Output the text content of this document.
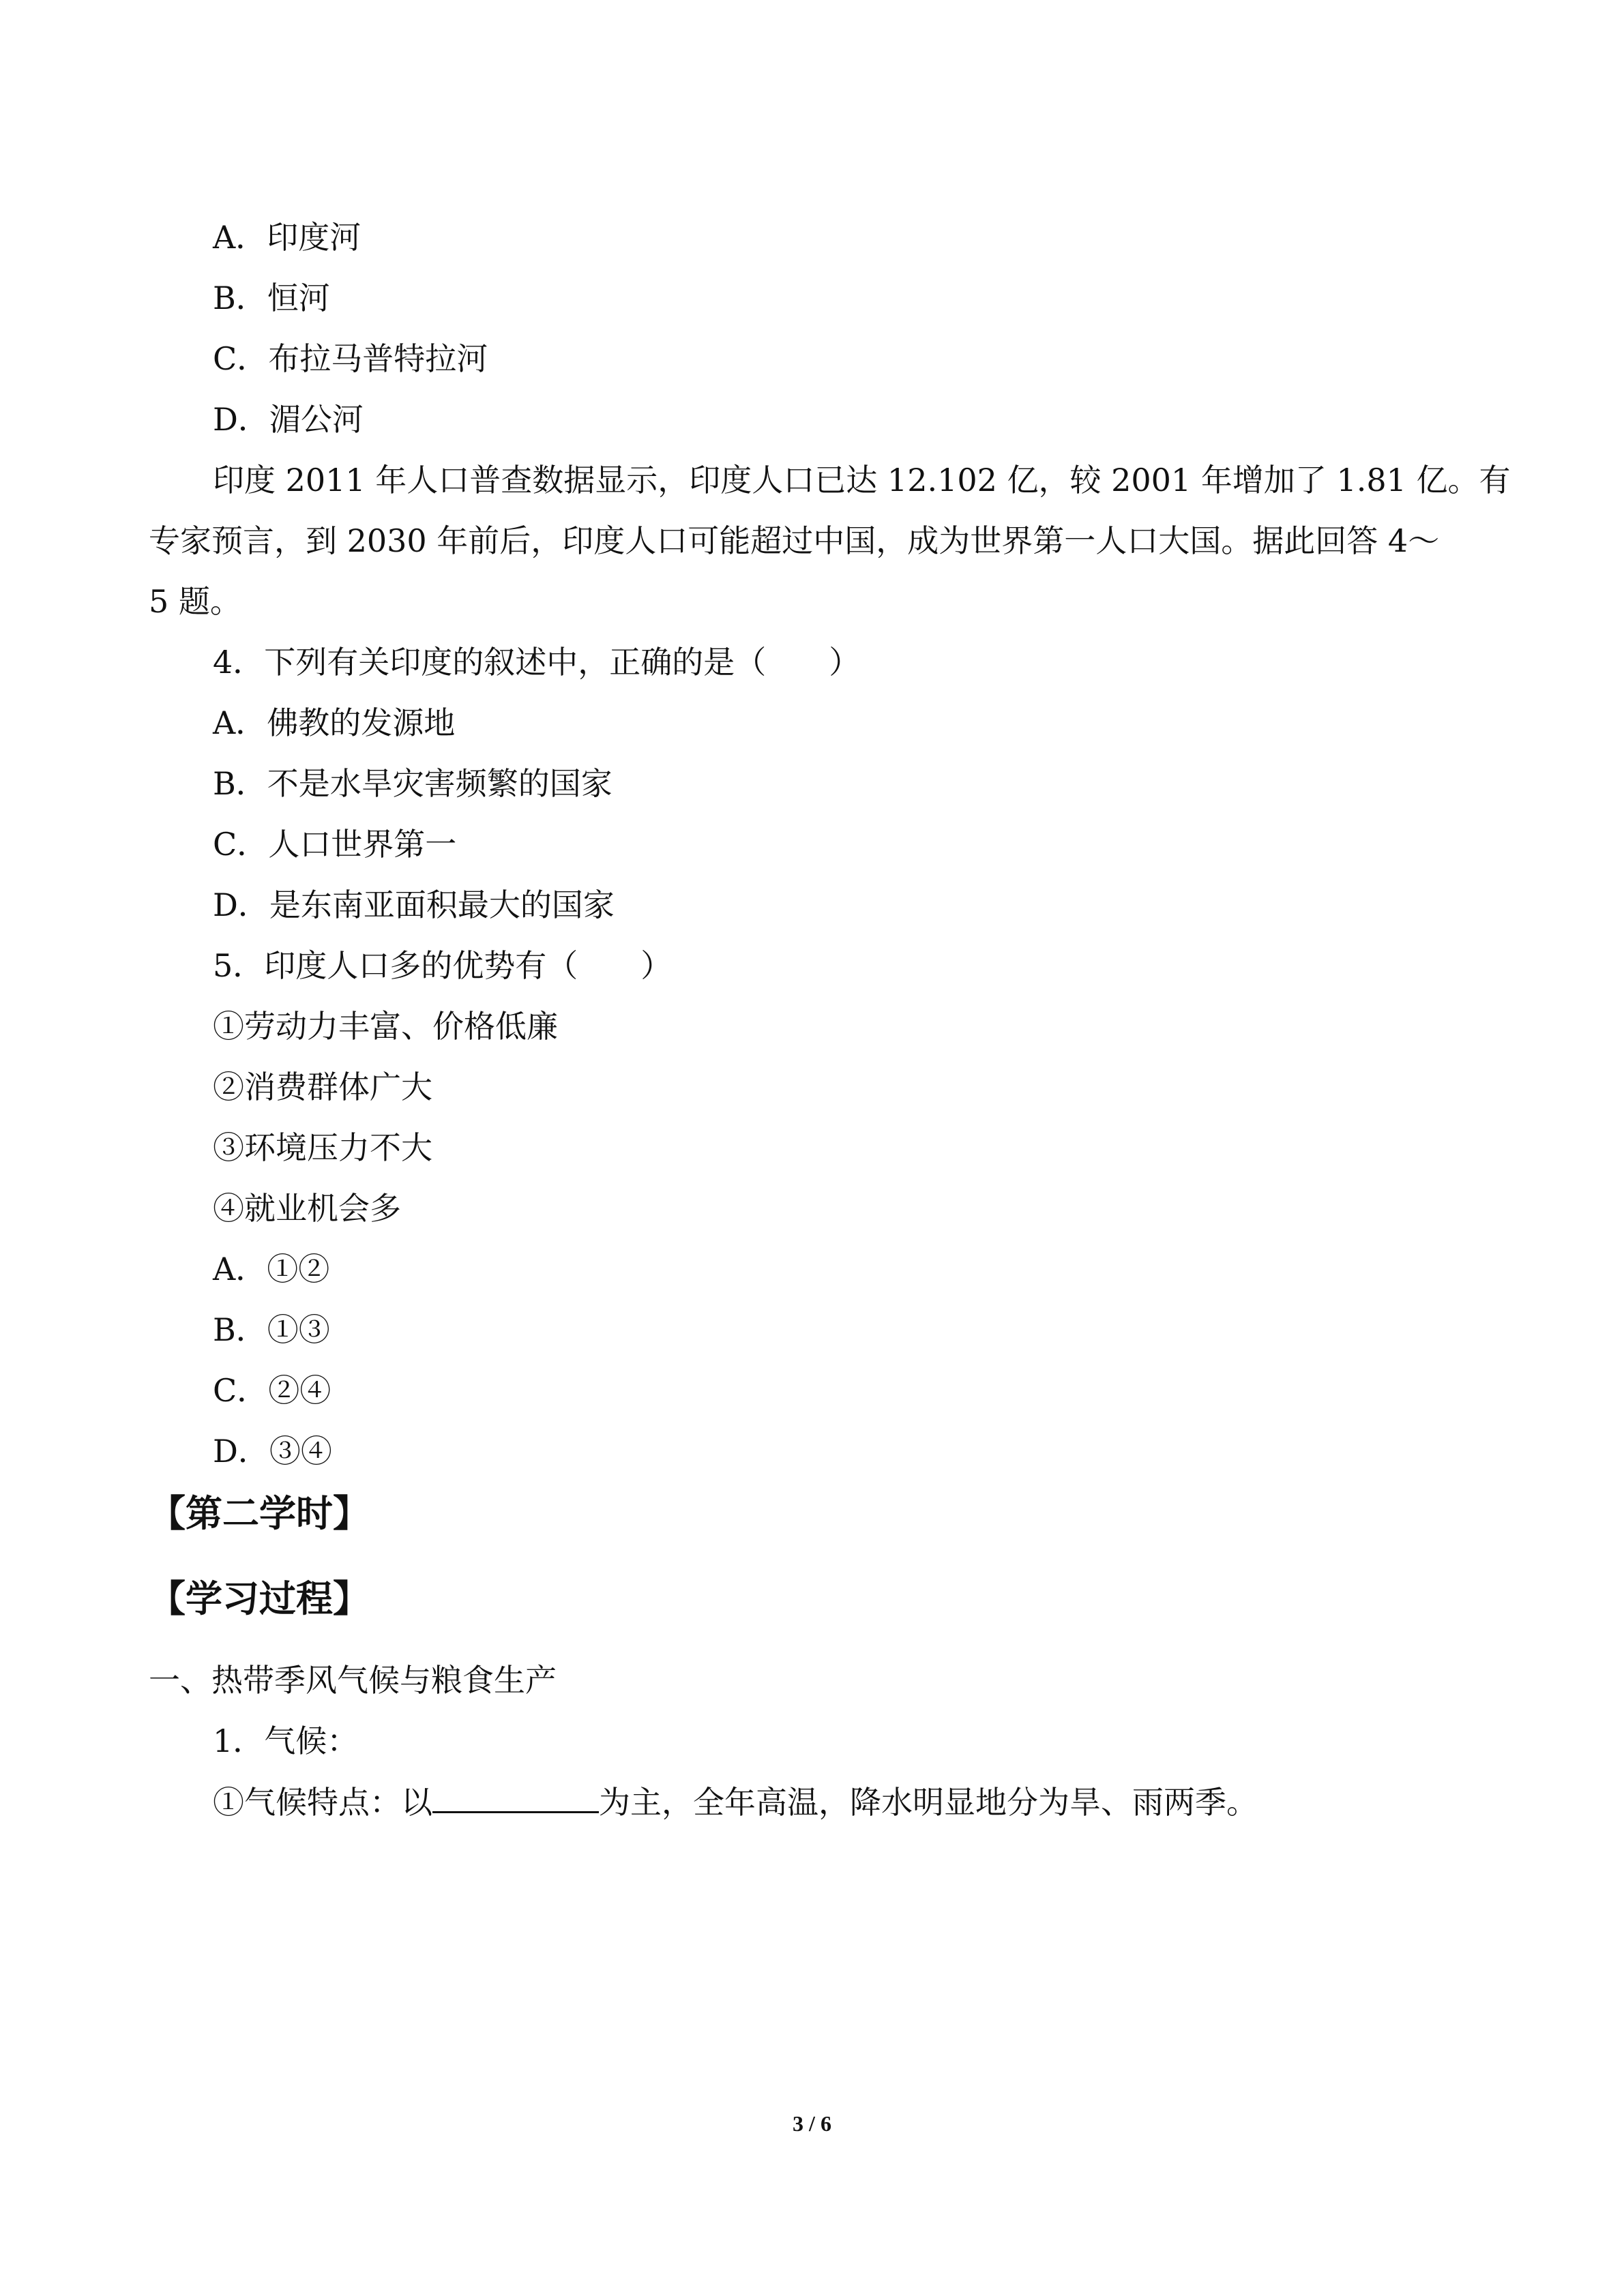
A．印度河
B．恒河
C．布拉马普特拉河
D．湄公河
印度 2011 年人口普查数据显示，印度人口已达 12.102 亿，较 2001 年增加了 1.81 亿。有
专家预言，到 2030 年前后，印度人口可能超过中国，成为世界第一人口大国。据此回答 4～
5 题。
4．下列有关印度的叙述中，正确的是（　　）
A．佛教的发源地
B．不是水旱灾害频繁的国家
C．人口世界第一
D．是东南亚面积最大的国家
5．印度人口多的优势有（　　）
①劳动力丰富、价格低廉
②消费群体广大
③环境压力不大
④就业机会多
A．①②
B．①③
C．②④
D．③④
【第二学时】
【学习过程】
一、热带季风气候与粮食生产
1．气候：
①气候特点：以	为主，全年高温，降水明显地分为旱、雨两季。
3 / 6
